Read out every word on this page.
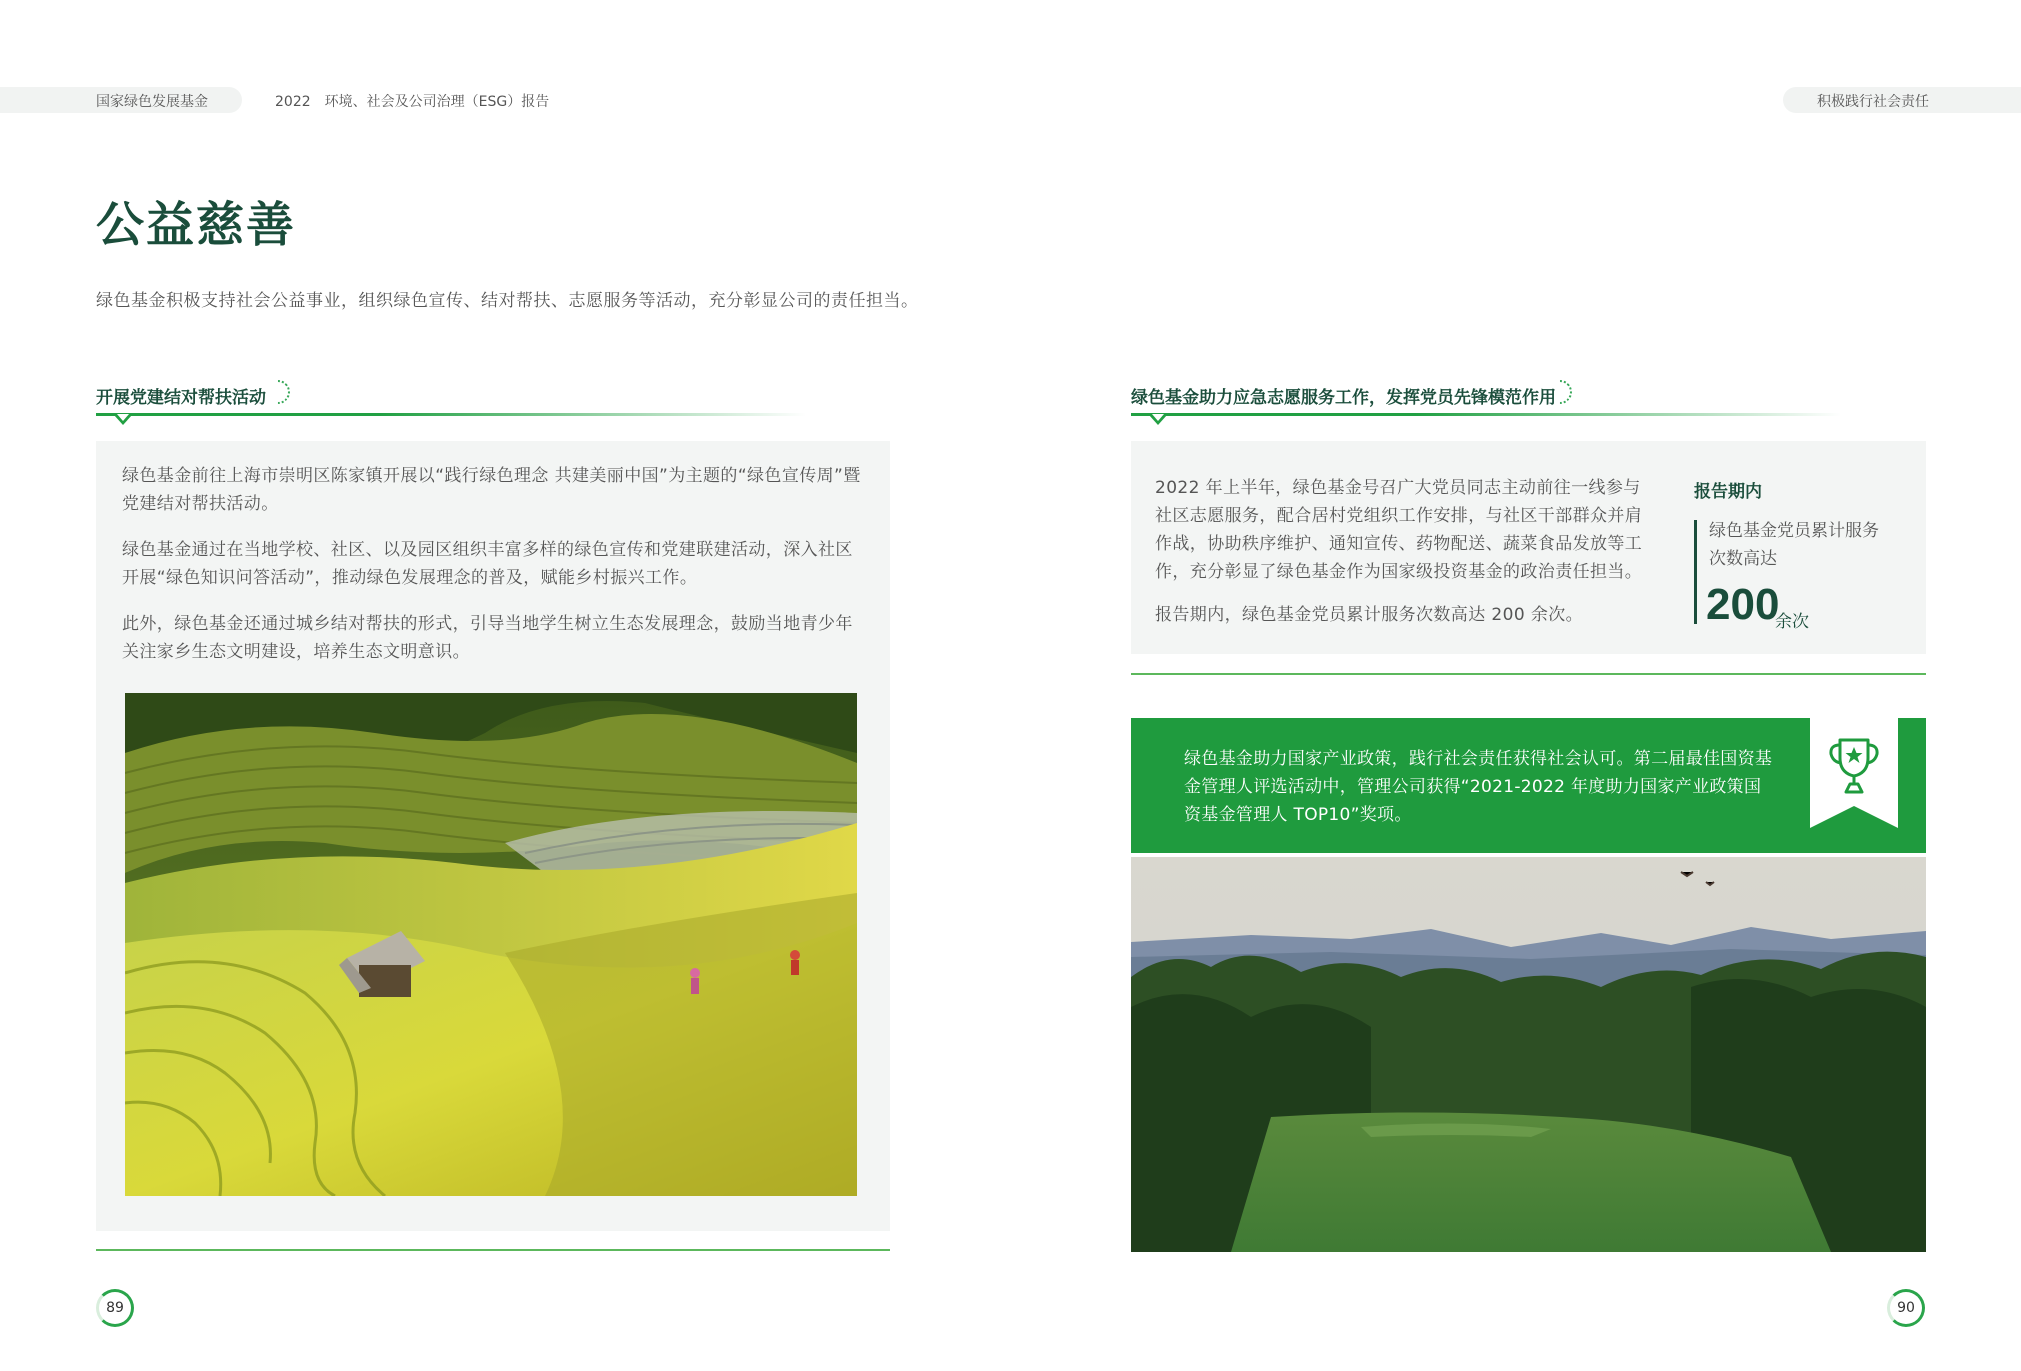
国家绿色发展基金	2022　环境、社会及公司治理（ESG）报告	积极践行社会责任
公益慈善
绿色基金积极支持社会公益事业，组织绿色宣传、结对帮扶、志愿服务等活动，充分彰显公司的责任担当。
开展党建结对帮扶活动
绿色基金前往上海市崇明区陈家镇开展以“践行绿色理念 共建美丽中国”为主题的“绿色宣传周”暨党建结对帮扶活动。
绿色基金通过在当地学校、社区、以及园区组织丰富多样的绿色宣传和党建联建活动，深入社区开展“绿色知识问答活动”，推动绿色发展理念的普及，赋能乡村振兴工作。
此外，绿色基金还通过城乡结对帮扶的形式，引导当地学生树立生态发展理念，鼓励当地青少年关注家乡生态文明建设，培养生态文明意识。
绿色基金助力应急志愿服务工作，发挥党员先锋模范作用
2022 年上半年，绿色基金号召广大党员同志主动前往一线参与社区志愿服务，配合居村党组织工作安排，与社区干部群众并肩作战，协助秩序维护、通知宣传、药物配送、蔬菜食品发放等工作，充分彰显了绿色基金作为国家级投资基金的政治责任担当。
报告期内，绿色基金党员累计服务次数高达 200 余次。
报告期内
绿色基金党员累计服务次数高达
200
余次
绿色基金助力国家产业政策，践行社会责任获得社会认可。第二届最佳国资基金管理人评选活动中，管理公司获得“2021-2022 年度助力国家产业政策国资基金管理人 TOP10”奖项。
89	90
